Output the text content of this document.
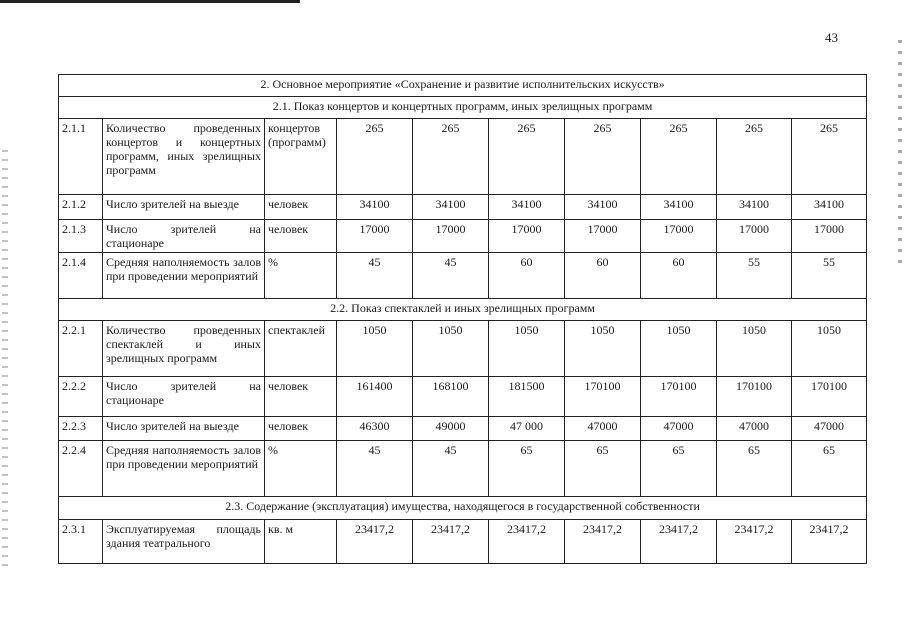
43
2. Основное мероприятие «Сохранение и развитие исполнительских искусств»									
2.1. Показ концертов и концертных программ, иных зрелищных программ									
2.1.1	Количество проведенных концертов и концертных программ, иных зрелищных программ	концертов (программ)	265	265	265	265	265	265	265
2.1.2	Число зрителей на выезде	человек	34100	34100	34100	34100	34100	34100	34100
2.1.3	Число зрителей на стационаре	человек	17000	17000	17000	17000	17000	17000	17000
2.1.4	Средняя наполняемость залов при проведении мероприятий	%	45	45	60	60	60	55	55
2.2. Показ спектаклей и иных зрелищных программ									
2.2.1	Количество проведенных спектаклей и иных зрелищных программ	спектаклей	1050	1050	1050	1050	1050	1050	1050
2.2.2	Число зрителей на стационаре	человек	161400	168100	181500	170100	170100	170100	170100
2.2.3	Число зрителей на выезде	человек	46300	49000	47 000	47000	47000	47000	47000
2.2.4	Средняя наполняемость залов при проведении мероприятий	%	45	45	65	65	65	65	65
2.3. Содержание (эксплуатация) имущества, находящегося в государственной собственности									
2.3.1	Эксплуатируемая площадь здания театрального	кв. м	23417,2	23417,2	23417,2	23417,2	23417,2	23417,2	23417,2
